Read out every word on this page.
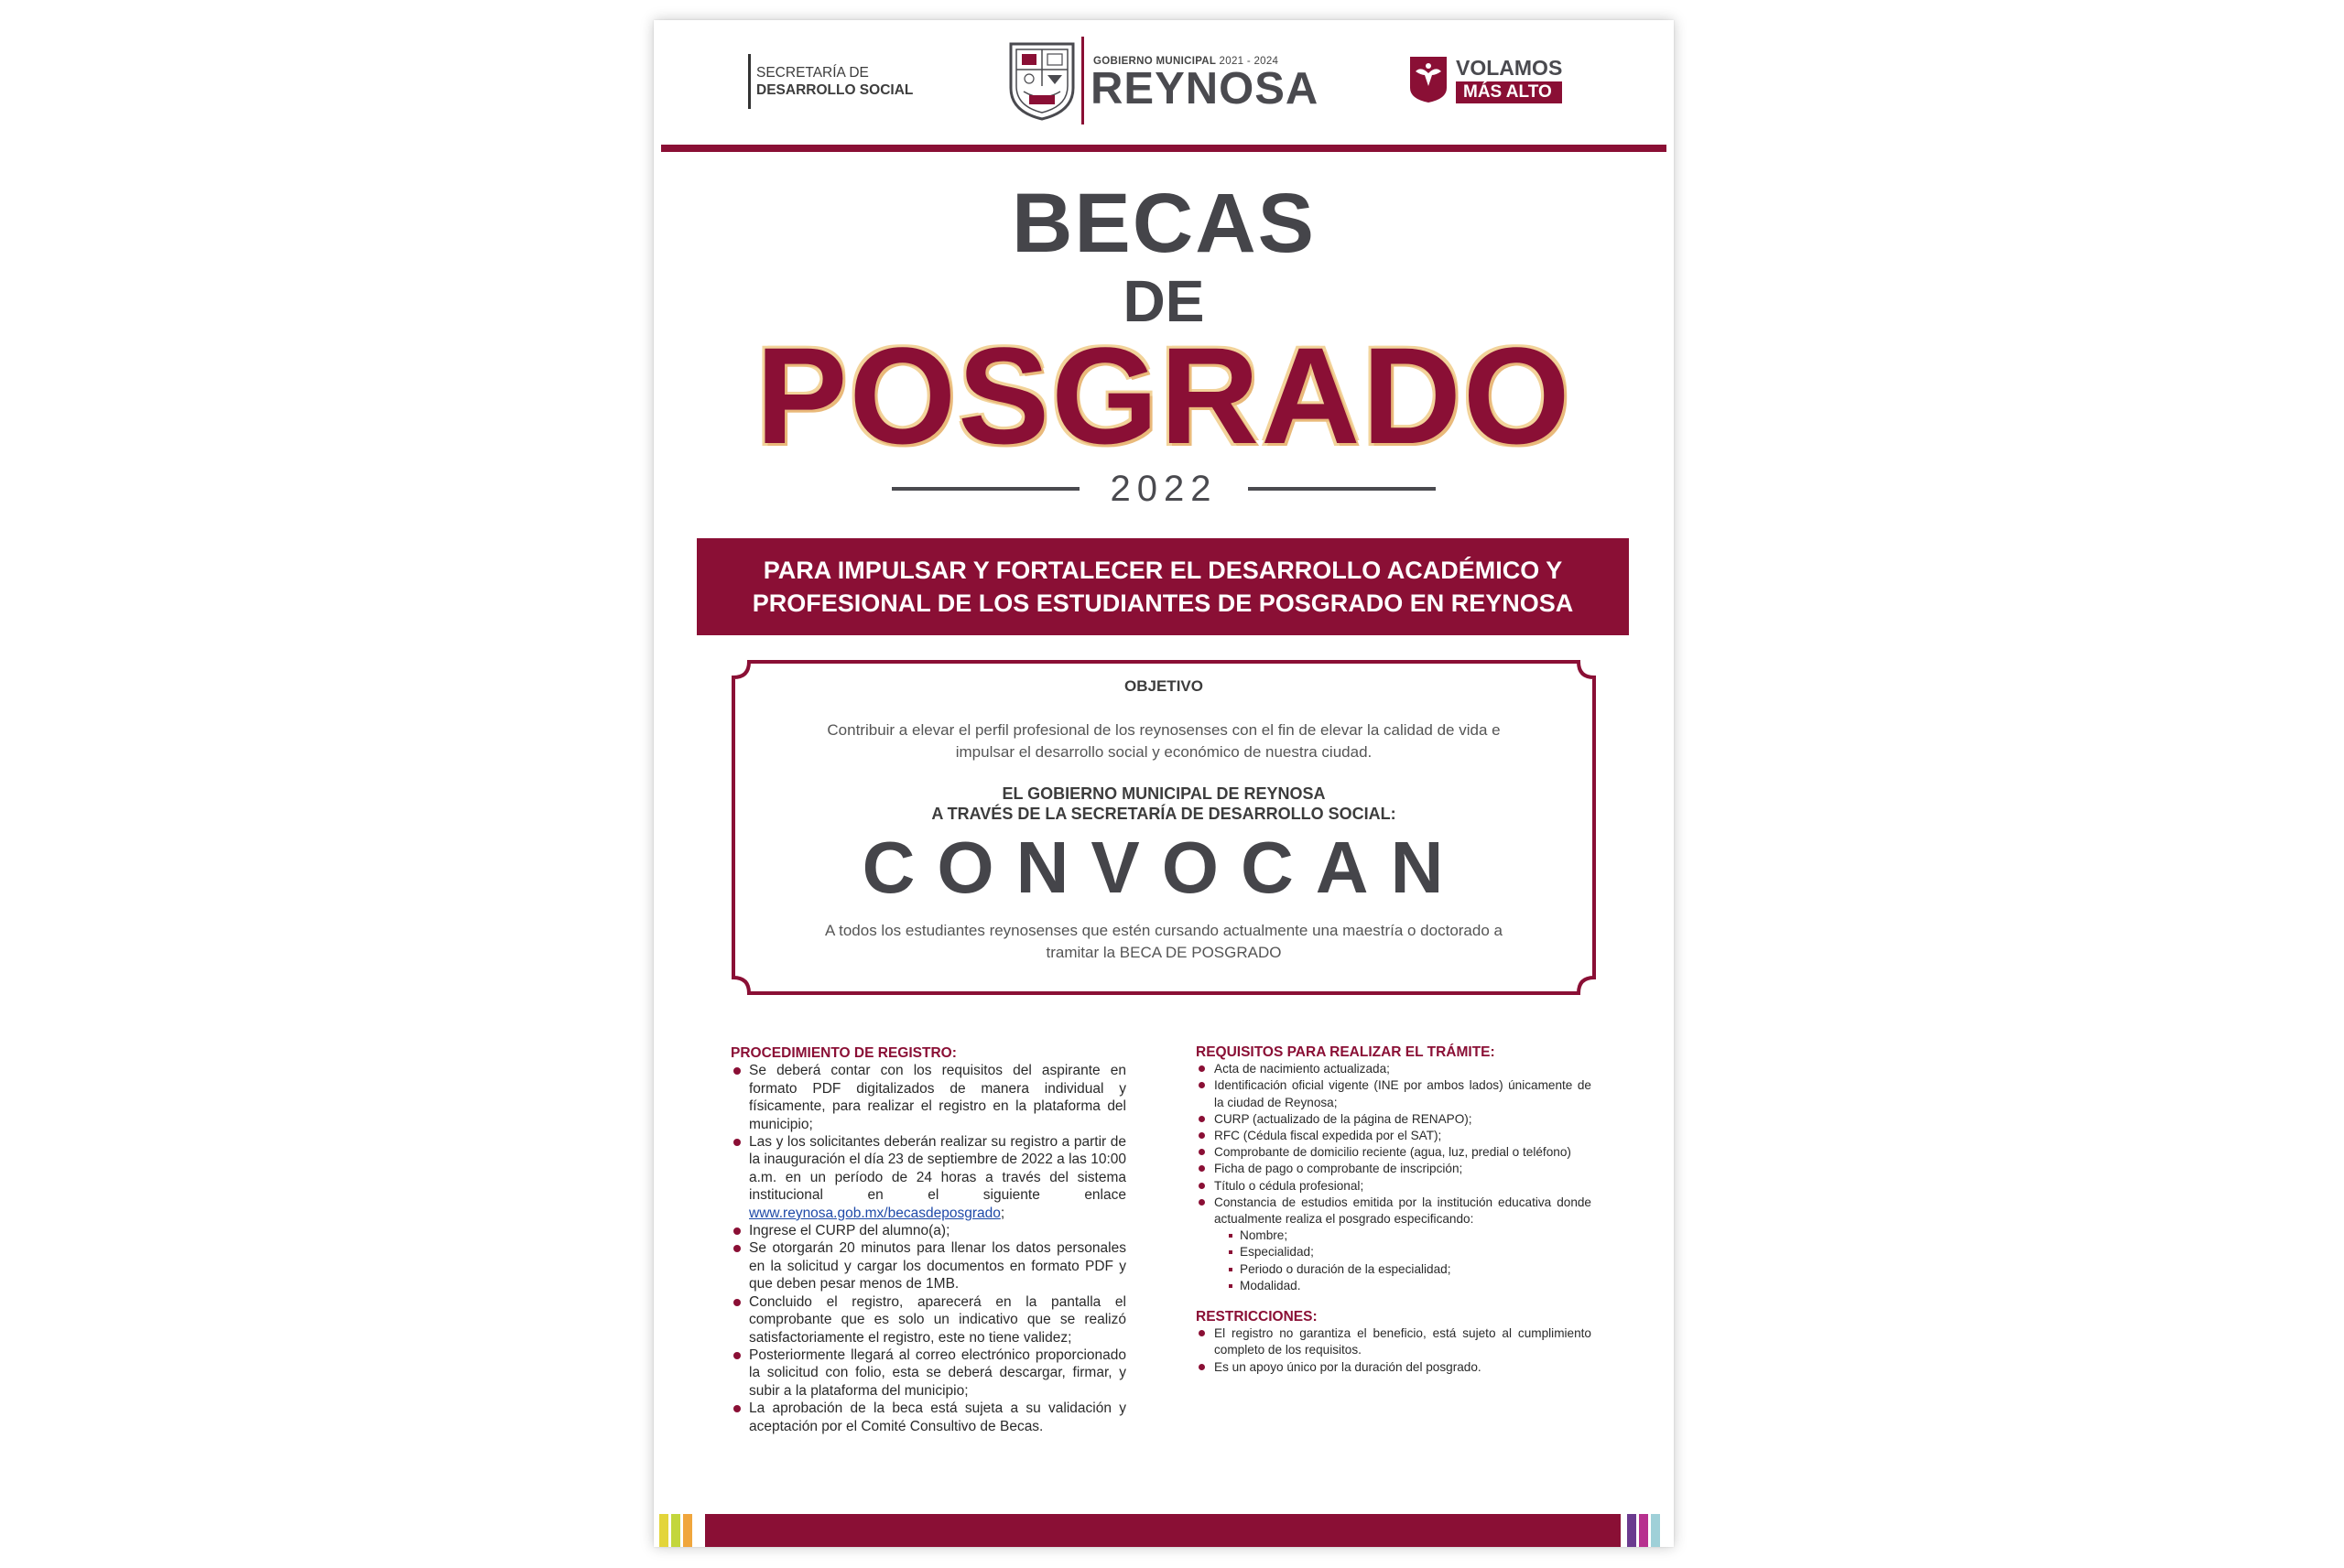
SECRETARÍA DE
DESARROLLO SOCIAL
GOBIERNO MUNICIPAL 2021 - 2024
REYNOSA	VOLAMOS
MÁS ALTO
BECAS
DE
POSGRADO
2022
PARA IMPULSAR Y FORTALECER EL DESARROLLO ACADÉMICO Y
PROFESIONAL DE LOS ESTUDIANTES DE POSGRADO EN REYNOSA
OBJETIVO
Contribuir a elevar el perfil profesional de los reynosenses con el fin de elevar la calidad de vida e impulsar el desarrollo social y económico de nuestra ciudad.
EL GOBIERNO MUNICIPAL DE REYNOSA
A TRAVÉS DE LA SECRETARÍA DE DESARROLLO SOCIAL:
CONVOCAN
A todos los estudiantes reynosenses que estén cursando actualmente una maestría o doctorado a tramitar la BECA DE POSGRADO

PROCEDIMIENTO DE REGISTRO:

Se deberá contar con los requisitos del aspirante en formato PDF digitalizados de manera individual y físicamente, para realizar el registro en la plataforma del municipio;
Las y los solicitantes deberán realizar su registro a partir de la inauguración el día 23 de septiembre de 2022 a las 10:00 a.m. en un período de 24 horas a través del sistema institucional en el siguiente enlace www.reynosa.gob.mx/becasdeposgrado;
Ingrese el CURP del alumno(a);
Se otorgarán 20 minutos para llenar los datos personales en la solicitud y cargar los documentos en formato PDF y que deben pesar menos de 1MB.
Concluido el registro, aparecerá en la pantalla el comprobante que es solo un indicativo que se realizó satisfactoriamente el registro, este no tiene validez;
Posteriormente llegará al correo electrónico proporcionado la solicitud con folio, esta se deberá descargar, firmar, y subir a la plataforma del municipio;
La aprobación de la beca está sujeta a su validación y aceptación por el Comité Consultivo de Becas.

REQUISITOS PARA REALIZAR EL TRÁMITE:

Acta de nacimiento actualizada;
Identificación oficial vigente (INE por ambos lados) únicamente de la ciudad de Reynosa;
CURP (actualizado de la página de RENAPO);
RFC (Cédula fiscal expedida por el SAT);
Comprobante de domicilio reciente (agua, luz, predial o teléfono)
Ficha de pago o comprobante de inscripción;
Título o cédula profesional;
Constancia de estudios emitida por la institución educativa donde actualmente realiza el posgrado especificando:
Nombre;
Especialidad;
Periodo o duración de la especialidad;
Modalidad.

RESTRICCIONES:

El registro no garantiza el beneficio, está sujeto al cumplimiento completo de los requisitos.
Es un apoyo único por la duración del posgrado.
